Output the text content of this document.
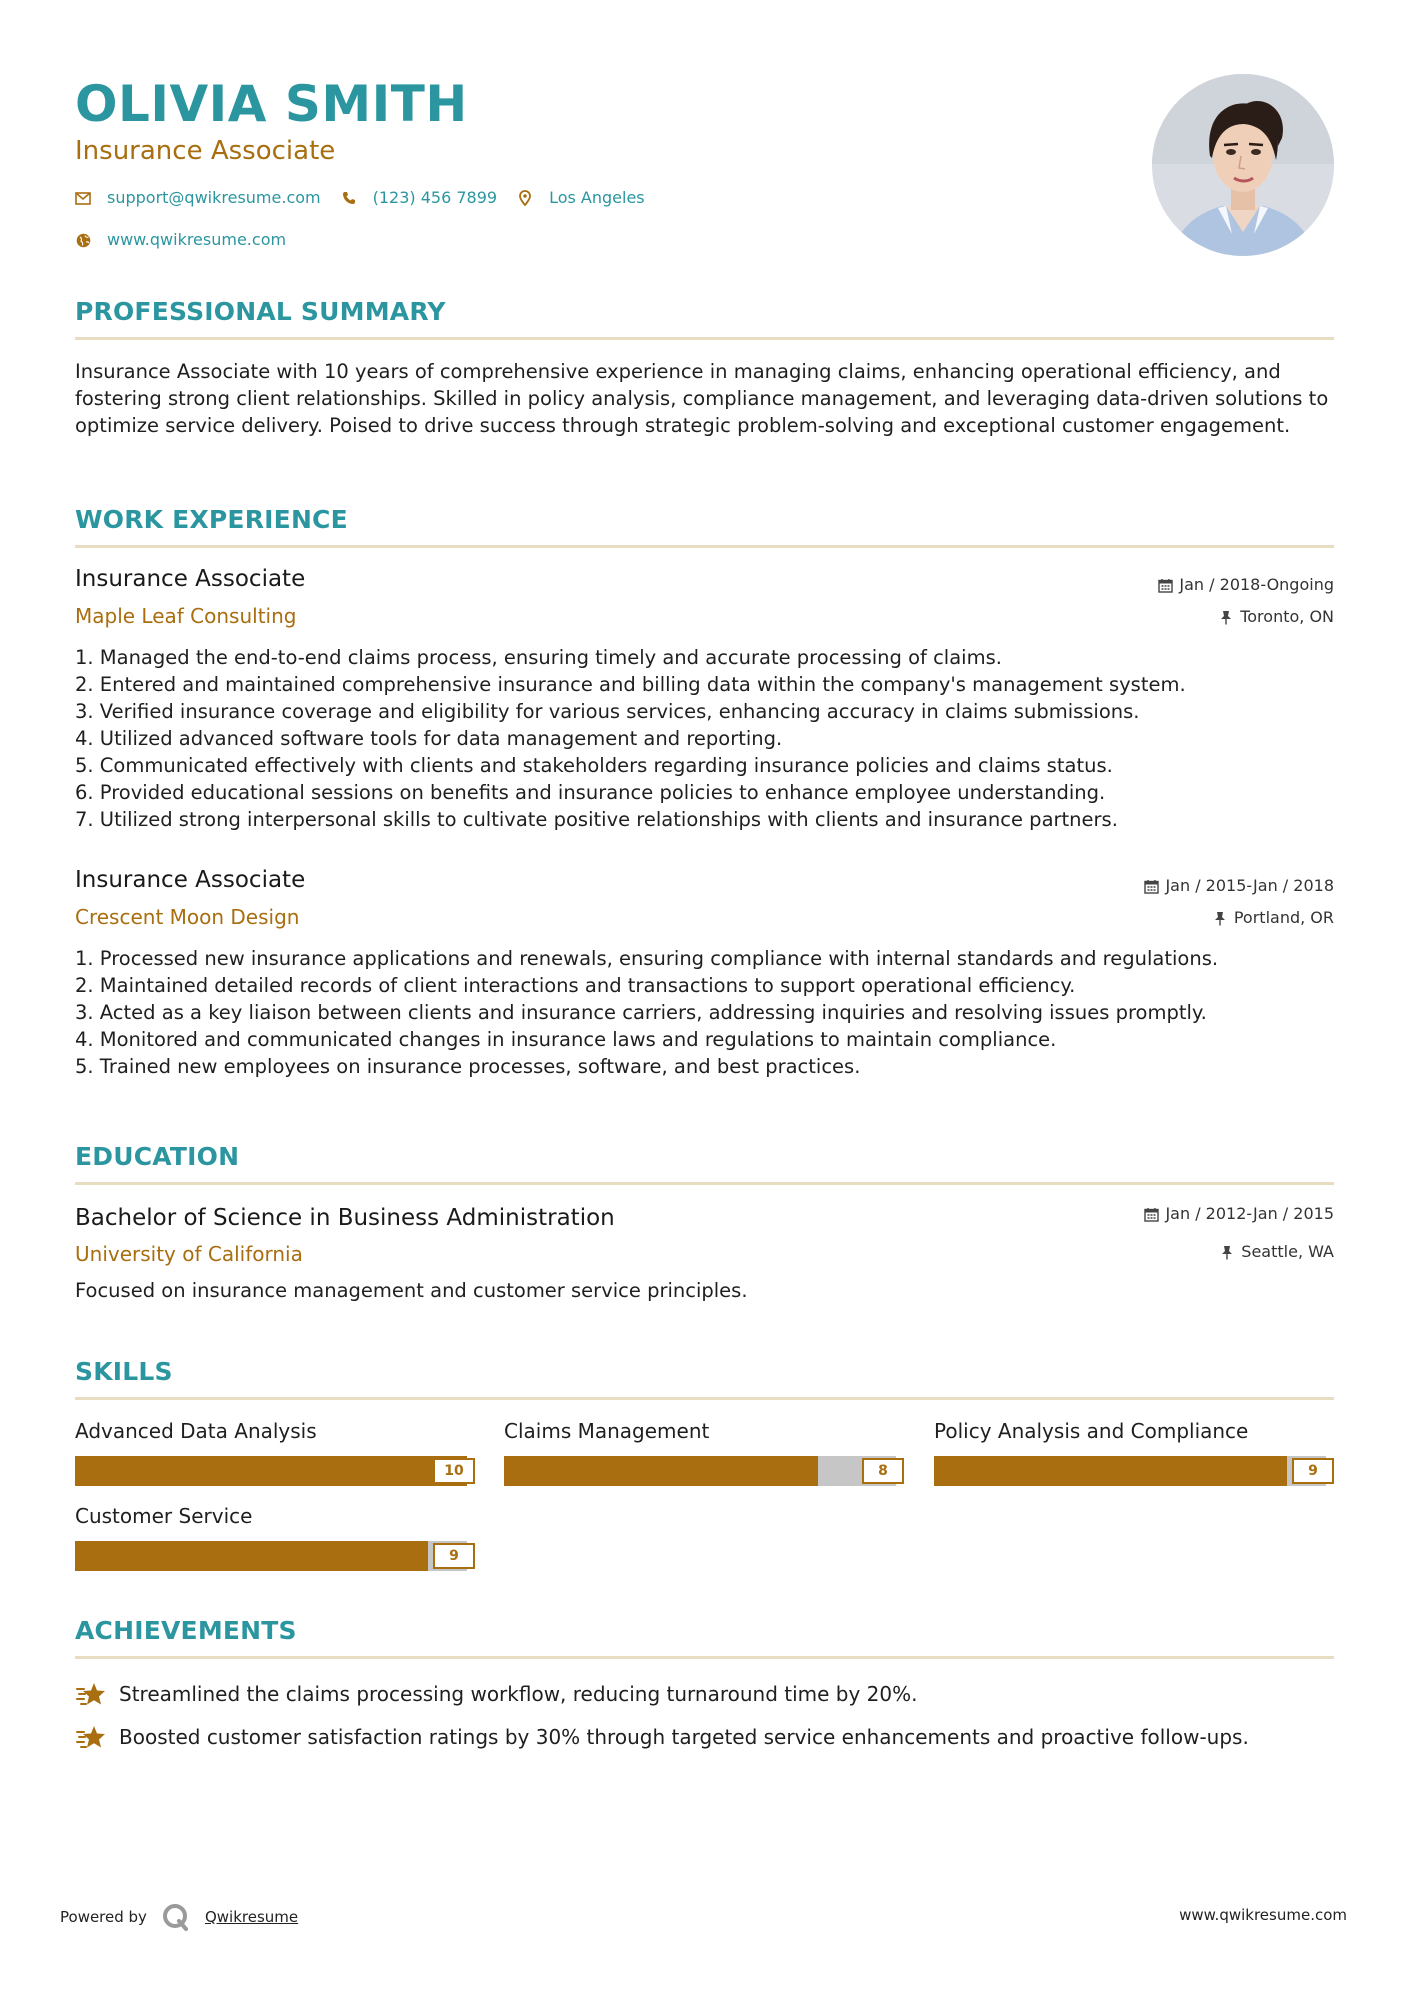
OLIVIA SMITH
Insurance Associate
support@qwikresume.com	(123) 456 7899	Los Angeles
www.qwikresume.com
PROFESSIONAL SUMMARY
Insurance Associate with 10 years of comprehensive experience in managing claims, enhancing operational efficiency, and fostering strong client relationships. Skilled in policy analysis, compliance management, and leveraging data-driven solutions to optimize service delivery. Poised to drive success through strategic problem-solving and exceptional customer engagement.
WORK EXPERIENCE
Insurance Associate
Maple Leaf Consulting
Jan / 2018-Ongoing
Toronto, ON
1. Managed the end-to-end claims process, ensuring timely and accurate processing of claims.
2. Entered and maintained comprehensive insurance and billing data within the company's management system.
3. Verified insurance coverage and eligibility for various services, enhancing accuracy in claims submissions.
4. Utilized advanced software tools for data management and reporting.
5. Communicated effectively with clients and stakeholders regarding insurance policies and claims status.
6. Provided educational sessions on benefits and insurance policies to enhance employee understanding.
7. Utilized strong interpersonal skills to cultivate positive relationships with clients and insurance partners.
Insurance Associate
Crescent Moon Design
Jan / 2015-Jan / 2018
Portland, OR
1. Processed new insurance applications and renewals, ensuring compliance with internal standards and regulations.
2. Maintained detailed records of client interactions and transactions to support operational efficiency.
3. Acted as a key liaison between clients and insurance carriers, addressing inquiries and resolving issues promptly.
4. Monitored and communicated changes in insurance laws and regulations to maintain compliance.
5. Trained new employees on insurance processes, software, and best practices.
EDUCATION
Bachelor of Science in Business Administration
University of California
Jan / 2012-Jan / 2015
Seattle, WA
Focused on insurance management and customer service principles.
SKILLS
Advanced Data Analysis
10
Claims Management
8
Policy Analysis and Compliance
9
Customer Service
9
ACHIEVEMENTS
Streamlined the claims processing workflow, reducing turnaround time by 20%.
Boosted customer satisfaction ratings by 30% through targeted service enhancements and proactive follow-ups.
Powered by	Qwikresume	www.qwikresume.com
